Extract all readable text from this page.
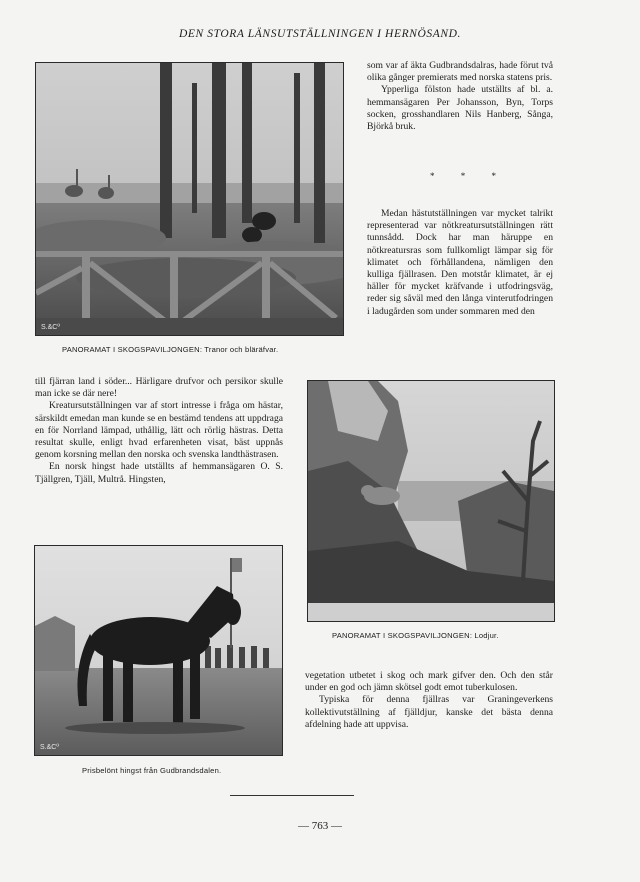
DEN STORA LÄNSUTSTÄLLNINGEN I HERNÖSAND.
S.&Cº
PANORAMAT I SKOGSPAVILJONGEN: Tranor och bläräfvar.

som var af äkta Gudbrandsdalras, hade förut två olika gånger premierats med norska statens pris.

Ypperliga fölston hade utställts af bl. a. hemmansägaren Per Johansson, Byn, Torps socken, grosshandlaren Nils Hanberg, Sånga, Björkå bruk.

* * *

Medan hästutställningen var mycket talrikt representerad var nötkreatursutställningen rätt tunnsådd. Dock har man häruppe en nötkreatursras som fullkomligt lämpar sig för klimatet och förhållandena, nämligen den kulliga fjällrasen. Den motstår klimatet, är ej häller för mycket kräfvande i utfodringsväg, reder sig såväl med den långa vinterutfodringen i ladugården som under sommaren med den

till fjärran land i söder... Härligare drufvor och persikor skulle man icke se där nere!

Kreatursutställningen var af stort intresse i fråga om hästar, särskildt emedan man kunde se en bestämd tendens att uppdraga en för Norrland lämpad, uthållig, lätt och rörlig hästras. Detta resultat skulle, enligt hvad erfarenheten visat, bäst uppnås genom korsning mellan den norska och svenska landthästrasen.

En norsk hingst hade utställts af hemmansägaren O. S. Tjällgren, Tjäll, Multrå. Hingsten,

PANORAMAT I SKOGSPAVILJONGEN: Lodjur.
S.&Cº
Prisbelönt hingst från Gudbrandsdalen.

vegetation utbetet i skog och mark gifver den. Och den står under en god och jämn skötsel godt emot tuberkulosen.

Typiska för denna fjällras var Graningeverkens kollektivutställning af fjälldjur, kanske det bästa denna afdelning hade att uppvisa.

— 763 —
